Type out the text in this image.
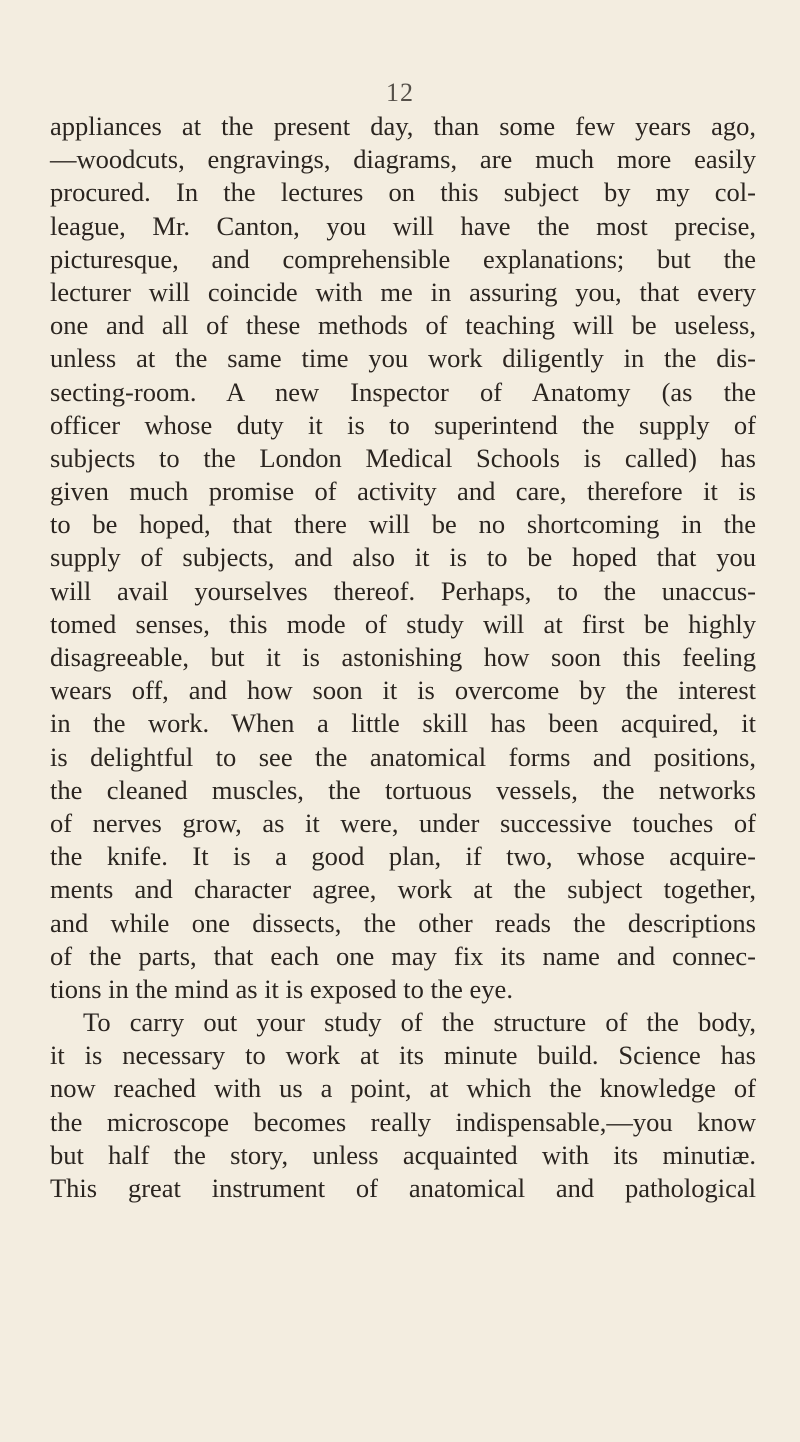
12
appliances at the present day, than some few years ago,
—woodcuts, engravings, diagrams, are much more easily
procured. In the lectures on this subject by my col-
league, Mr. Canton, you will have the most precise,
picturesque, and comprehensible explanations; but the
lecturer will coincide with me in assuring you, that every
one and all of these methods of teaching will be useless,
unless at the same time you work diligently in the dis-
secting-room. A new Inspector of Anatomy (as the
officer whose duty it is to superintend the supply of
subjects to the London Medical Schools is called) has
given much promise of activity and care, therefore it is
to be hoped, that there will be no shortcoming in the
supply of subjects, and also it is to be hoped that you
will avail yourselves thereof. Perhaps, to the unaccus-
tomed senses, this mode of study will at first be highly
disagreeable, but it is astonishing how soon this feeling
wears off, and how soon it is overcome by the interest
in the work. When a little skill has been acquired, it
is delightful to see the anatomical forms and positions,
the cleaned muscles, the tortuous vessels, the networks
of nerves grow, as it were, under successive touches of
the knife. It is a good plan, if two, whose acquire-
ments and character agree, work at the subject together,
and while one dissects, the other reads the descriptions
of the parts, that each one may fix its name and connec-
tions in the mind as it is exposed to the eye.
To carry out your study of the structure of the body,
it is necessary to work at its minute build. Science has
now reached with us a point, at which the knowledge of
the microscope becomes really indispensable,—you know
but half the story, unless acquainted with its minutiæ.
This great instrument of anatomical and pathological
